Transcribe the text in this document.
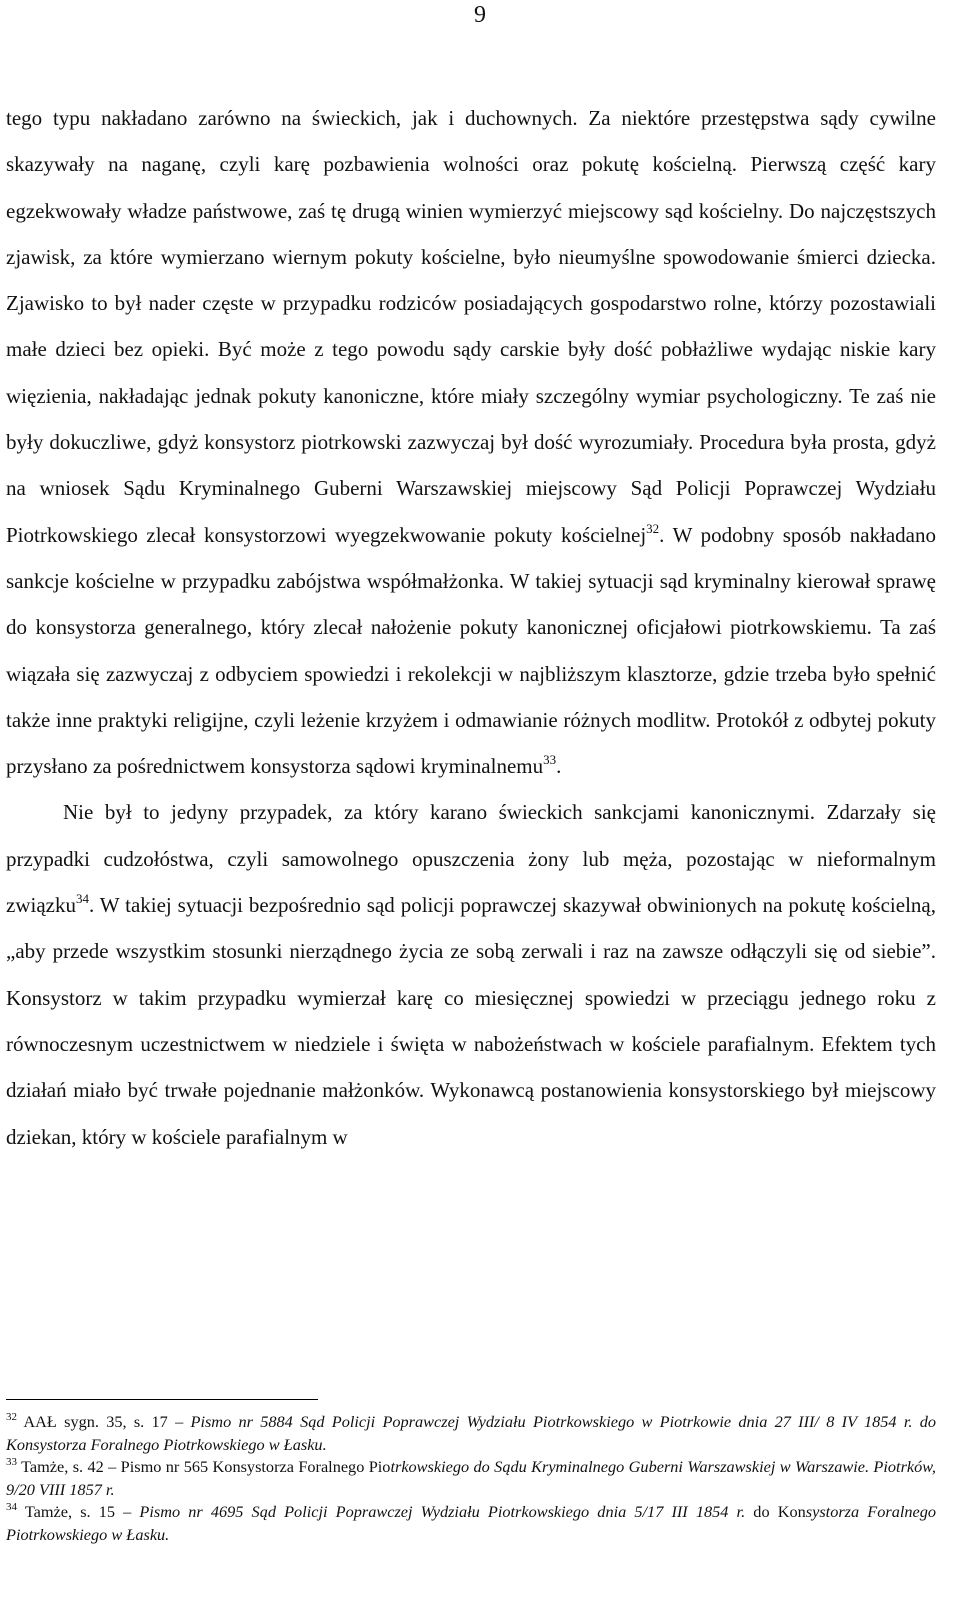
9

tego typu nakładano zarówno na świeckich, jak i duchownych. Za niektóre przestępstwa sądy cywilne skazywały na naganę, czyli karę pozbawienia wolności oraz pokutę kościelną. Pierwszą część kary egzekwowały władze państwowe, zaś tę drugą winien wymierzyć miejscowy sąd kościelny. Do najczęstszych zjawisk, za które wymierzano wiernym pokuty kościelne, było nieumyślne spowodowanie śmierci dziecka. Zjawisko to był nader częste w przypadku rodziców posiadających gospodarstwo rolne, którzy pozostawiali małe dzieci bez opieki. Być może z tego powodu sądy carskie były dość pobłażliwe wydając niskie kary więzienia, nakładając jednak pokuty kanoniczne, które miały szczególny wymiar psychologiczny. Te zaś nie były dokuczliwe, gdyż konsystorz piotrkowski zazwyczaj był dość wyrozumiały. Procedura była prosta, gdyż na wniosek Sądu Kryminalnego Guberni Warszawskiej miejscowy Sąd Policji Poprawczej Wydziału Piotrkowskiego zlecał konsystorzowi wyegzekwowanie pokuty kościelnej$^{32}$. W podobny sposób nakładano sankcje kościelne w przypadku zabójstwa współmałżonka. W takiej sytuacji sąd kryminalny kierował sprawę do konsystorza generalnego, który zlecał nałożenie pokuty kanonicznej oficjałowi piotrkowskiemu. Ta zaś wiązała się zazwyczaj z odbyciem spowiedzi i rekolekcji w najbliższym klasztorze, gdzie trzeba było spełnić także inne praktyki religijne, czyli leżenie krzyżem i odmawianie różnych modlitw. Protokół z odbytej pokuty przysłano za pośrednictwem konsystorza sądowi kryminalnemu$^{33}$.

Nie był to jedyny przypadek, za który karano świeckich sankcjami kanonicznymi. Zdarzały się przypadki cudzołóstwa, czyli samowolnego opuszczenia żony lub męża, pozostając w nieformalnym związku$^{34}$. W takiej sytuacji bezpośrednio sąd policji poprawczej skazywał obwinionych na pokutę kościelną, „aby przede wszystkim stosunki nierządnego życia ze sobą zerwali i raz na zawsze odłączyli się od siebie”. Konsystorz w takim przypadku wymierzał karę co miesięcznej spowiedzi w przeciągu jednego roku z równoczesnym uczestnictwem w niedziele i święta w nabożeństwach w kościele parafialnym. Efektem tych działań miało być trwałe pojednanie małżonków. Wykonawcą postanowienia konsystorskiego był miejscowy dziekan, który w kościele parafialnym w

$^{32}$ AAŁ sygn. 35, s. 17 – Pismo nr 5884 Sąd Policji Poprawczej Wydziału Piotrkowskiego w Piotrkowie dnia 27 III/ 8 IV 1854 r. do Konsystorza Foralnego Piotrkowskiego w Łasku.

$^{33}$ Tamże, s. 42 – Pismo nr 565 Konsystorza Foralnego Piotrkowskiego do Sądu Kryminalnego Guberni Warszawskiej w Warszawie. Piotrków, 9/20 VIII 1857 r.

$^{34}$ Tamże, s. 15 – Pismo nr 4695 Sąd Policji Poprawczej Wydziału Piotrkowskiego dnia 5/17 III 1854 r. do Konsystorza Foralnego Piotrkowskiego w Łasku.
